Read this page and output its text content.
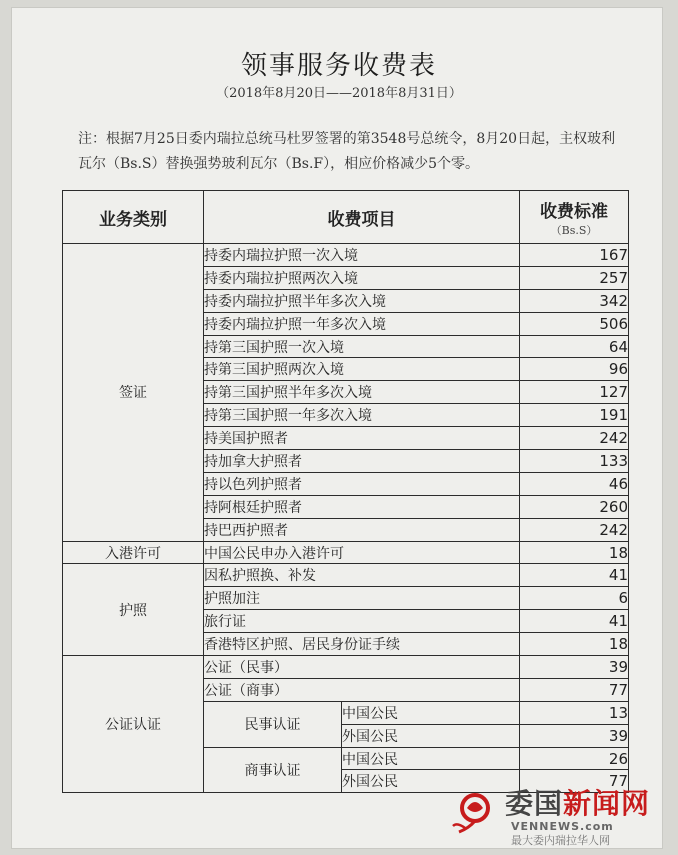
领事服务收费表
（2018年8月20日——2018年8月31日）
注：根据7月25日委内瑞拉总统马杜罗签署的第3548号总统令，8月20日起，主权玻利瓦尔（Bs.S）替换强势玻利瓦尔（Bs.F），相应价格减少5个零。
业务类别	收费项目		收费标准
（Bs.S）

签证	持委内瑞拉护照一次入境		167
	持委内瑞拉护照两次入境		257
	持委内瑞拉护照半年多次入境		342
	持委内瑞拉护照一年多次入境		506
	持第三国护照一次入境		64
	持第三国护照两次入境		96
	持第三国护照半年多次入境		127
	持第三国护照一年多次入境		191
	持美国护照者		242
	持加拿大护照者		133
	持以色列护照者		46
	持阿根廷护照者		260
	持巴西护照者		242
入港许可	中国公民申办入港许可		18
护照	因私护照换、补发		41
	护照加注		6
	旅行证		41
	香港特区护照、居民身份证手续		18
公证认证	公证（民事）		39
	公证（商事）		77
	民事认证	中国公民	13
		外国公民	39
	商事认证	中国公民	26
		外国公民	77
委国新闻网
VENNEWS.com
最大委内瑞拉华人网
